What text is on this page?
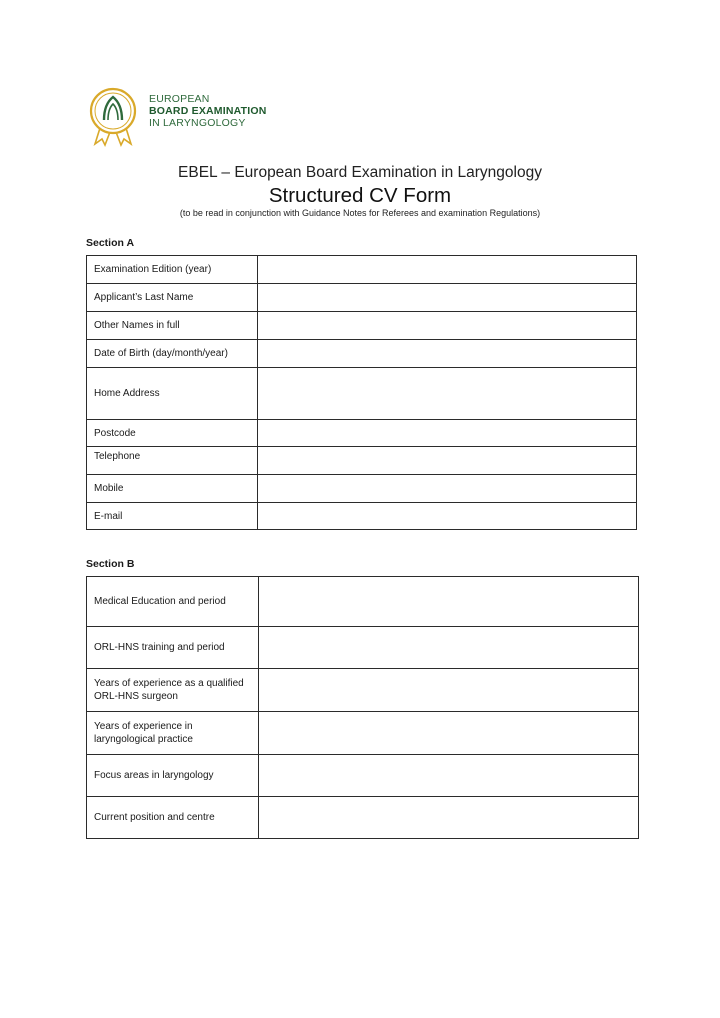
EUROPEAN
BOARD EXAMINATION
IN LARYNGOLOGY
EBEL – European Board Examination in Laryngology
Structured CV Form
(to be read in conjunction with Guidance Notes for Referees and examination Regulations)
Section A
Examination Edition (year)	
Applicant’s Last Name	
Other Names in full	
Date of Birth (day/month/year)	
Home Address	
Postcode	
Telephone	
Mobile	
E-mail	
Section B
Medical Education and period	
ORL-HNS training and period	
Years of experience as a qualified ORL-HNS surgeon	
Years of experience in laryngological practice	
Focus areas in laryngology	
Current position and centre	
